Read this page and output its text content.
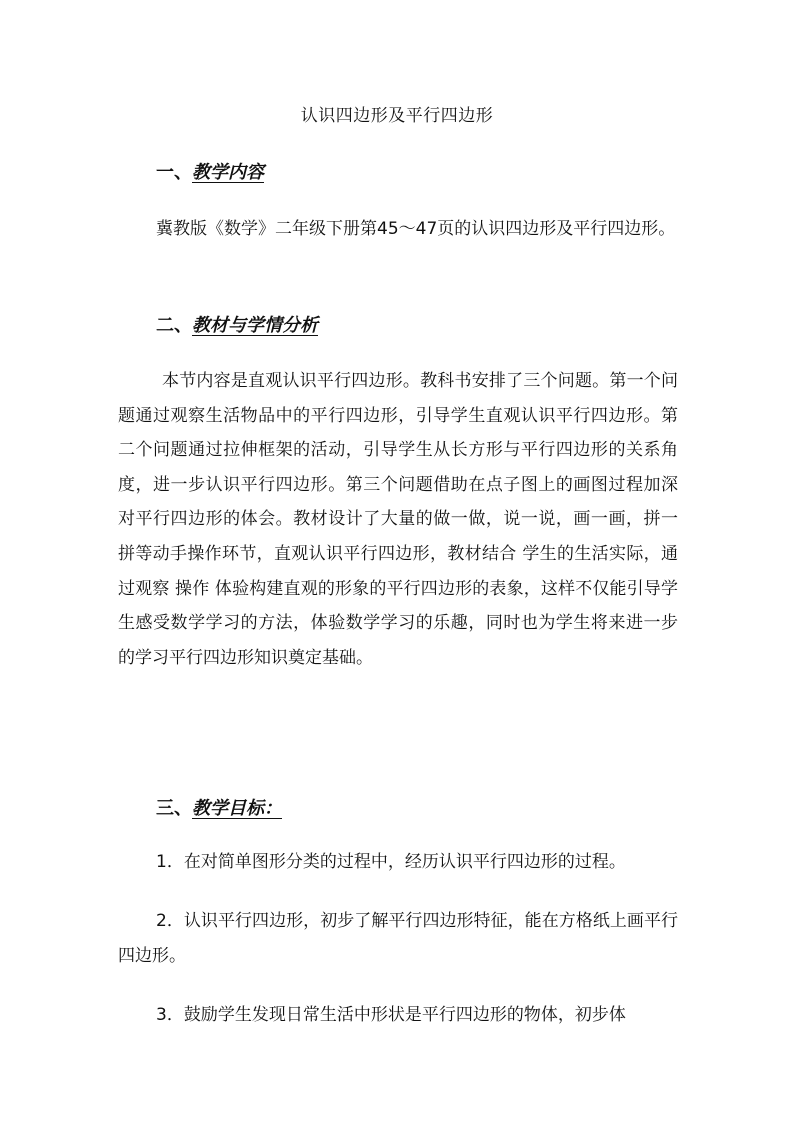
认识四边形及平行四边形
一、教学内容

冀教版《数学》二年级下册第45～47页的认识四边形及平行四边形。

二、教材与学情分析

本节内容是直观认识平行四边形。教科书安排了三个问题。第一个问题通过观察生活物品中的平行四边形，引导学生直观认识平行四边形。第二个问题通过拉伸框架的活动，引导学生从长方形与平行四边形的关系角度，进一步认识平行四边形。第三个问题借助在点子图上的画图过程加深对平行四边形的体会。教材设计了大量的做一做，说一说，画一画，拼一拼等动手操作环节，直观认识平行四边形，教材结合 学生的生活实际，通过观察 操作 体验构建直观的形象的平行四边形的表象，这样不仅能引导学生感受数学学习的方法，体验数学学习的乐趣，同时也为学生将来进一步的学习平行四边形知识奠定基础。

三、教学目标：

1．在对简单图形分类的过程中，经历认识平行四边形的过程。

2．认识平行四边形，初步了解平行四边形特征，能在方格纸上画平行四边形。

3．鼓励学生发现日常生活中形状是平行四边形的物体，初步体
